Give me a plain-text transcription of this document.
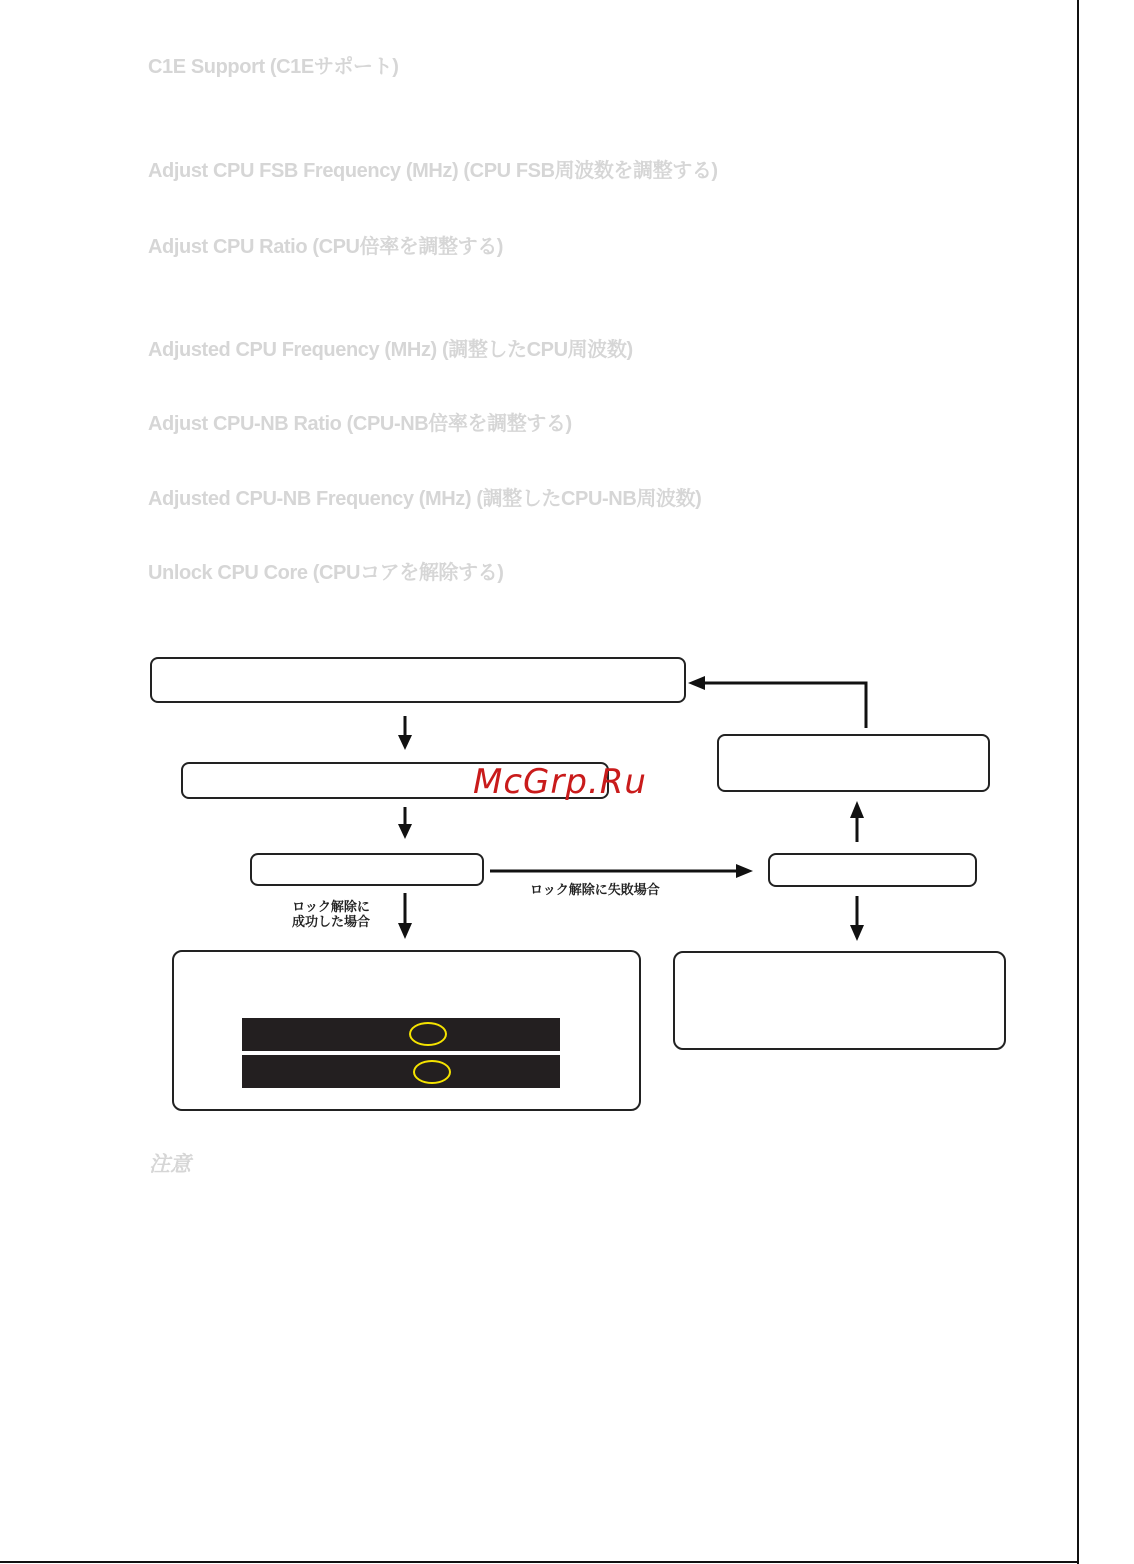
C1E Support (C1Eサポート)
Adjust CPU FSB Frequency (MHz) (CPU FSB周波数を調整する)
Adjust CPU Ratio (CPU倍率を調整する)
Adjusted CPU Frequency (MHz) (調整したCPU周波数)
Adjust CPU-NB Ratio (CPU-NB倍率を調整する)
Adjusted CPU-NB Frequency (MHz) (調整したCPU-NB周波数)
Unlock CPU Core (CPUコアを解除する)
ロック解除に
成功した場合
ロック解除に失敗場合
McGrp.Ru
注意
